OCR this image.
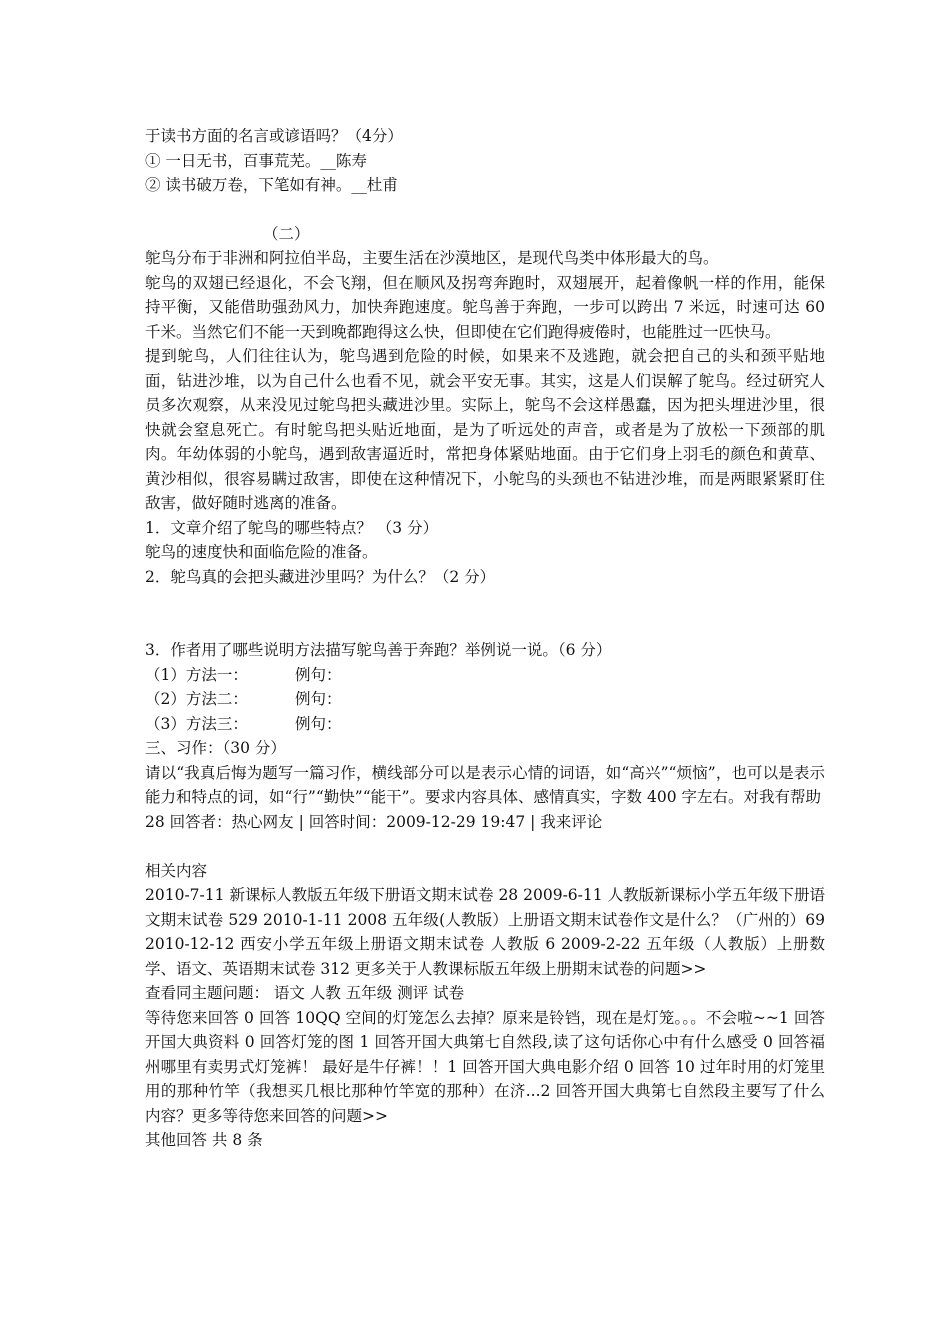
于读书方面的名言或谚语吗？（4分）
① 一日无书，百事荒芜。__陈寿
② 读书破万卷，下笔如有神。__杜甫
（二）
鸵鸟分布于非洲和阿拉伯半岛，主要生活在沙漠地区，是现代鸟类中体形最大的鸟。
鸵鸟的双翅已经退化，不会飞翔，但在顺风及拐弯奔跑时，双翅展开，起着像帆一样的作用，能保持平衡，又能借助强劲风力，加快奔跑速度。鸵鸟善于奔跑，一步可以跨出 7 米远，时速可达 60 千米。当然它们不能一天到晚都跑得这么快，但即使在它们跑得疲倦时，也能胜过一匹快马。
提到鸵鸟，人们往往认为，鸵鸟遇到危险的时候，如果来不及逃跑，就会把自己的头和颈平贴地面，钻进沙堆，以为自己什么也看不见，就会平安无事。其实，这是人们误解了鸵鸟。经过研究人员多次观察，从来没见过鸵鸟把头藏进沙里。实际上，鸵鸟不会这样愚蠢，因为把头埋进沙里，很快就会窒息死亡。有时鸵鸟把头贴近地面，是为了听远处的声音，或者是为了放松一下颈部的肌肉。年幼体弱的小鸵鸟，遇到敌害逼近时，常把身体紧贴地面。由于它们身上羽毛的颜色和黄草、黄沙相似，很容易瞒过敌害，即使在这种情况下，小鸵鸟的头颈也不钻进沙堆，而是两眼紧紧盯住敌害，做好随时逃离的准备。
1．文章介绍了鸵鸟的哪些特点？ （3 分）
鸵鸟的速度快和面临危险的准备。
2．鸵鸟真的会把头藏进沙里吗？为什么？（2 分）
3．作者用了哪些说明方法描写鸵鸟善于奔跑？举例说一说。（6 分）
（1）方法一：	例句：
（2）方法二：	例句：
（3）方法三：	例句：
三、习作：（30 分）
请以“我真后悔为题写一篇习作，横线部分可以是表示心情的词语，如“高兴”“烦恼”，也可以是表示能力和特点的词，如“行”“勤快”“能干”。要求内容具体、感情真实，字数 400 字左右。对我有帮助
28 回答者：热心网友 | 回答时间：2009-12-29 19:47 | 我来评论
相关内容
2010-7-11 新课标人教版五年级下册语文期末试卷 28 2009-6-11 人教版新课标小学五年级下册语文期末试卷 529 2010-1-11 2008 五年级(人教版）上册语文期末试卷作文是什么？（广州的）69 2010-12-12 西安小学五年级上册语文期末试卷 人教版 6 2009-2-22 五年级（人教版）上册数学、语文、英语期末试卷 312 更多关于人教课标版五年级上册期末试卷的问题>>
查看同主题问题： 语文 人教 五年级 测评 试卷
等待您来回答 0 回答 10QQ 空间的灯笼怎么去掉？原来是铃铛，现在是灯笼。。。不会啦~~1 回答开国大典资料 0 回答灯笼的图 1 回答开国大典第七自然段,读了这句话你心中有什么感受 0 回答福州哪里有卖男式灯笼裤！ 最好是牛仔裤！！1 回答开国大典电影介绍 0 回答 10 过年时用的灯笼里用的那种竹竿（我想买几根比那种竹竿宽的那种）在济...2 回答开国大典第七自然段主要写了什么内容？更多等待您来回答的问题>>
其他回答 共 8 条
